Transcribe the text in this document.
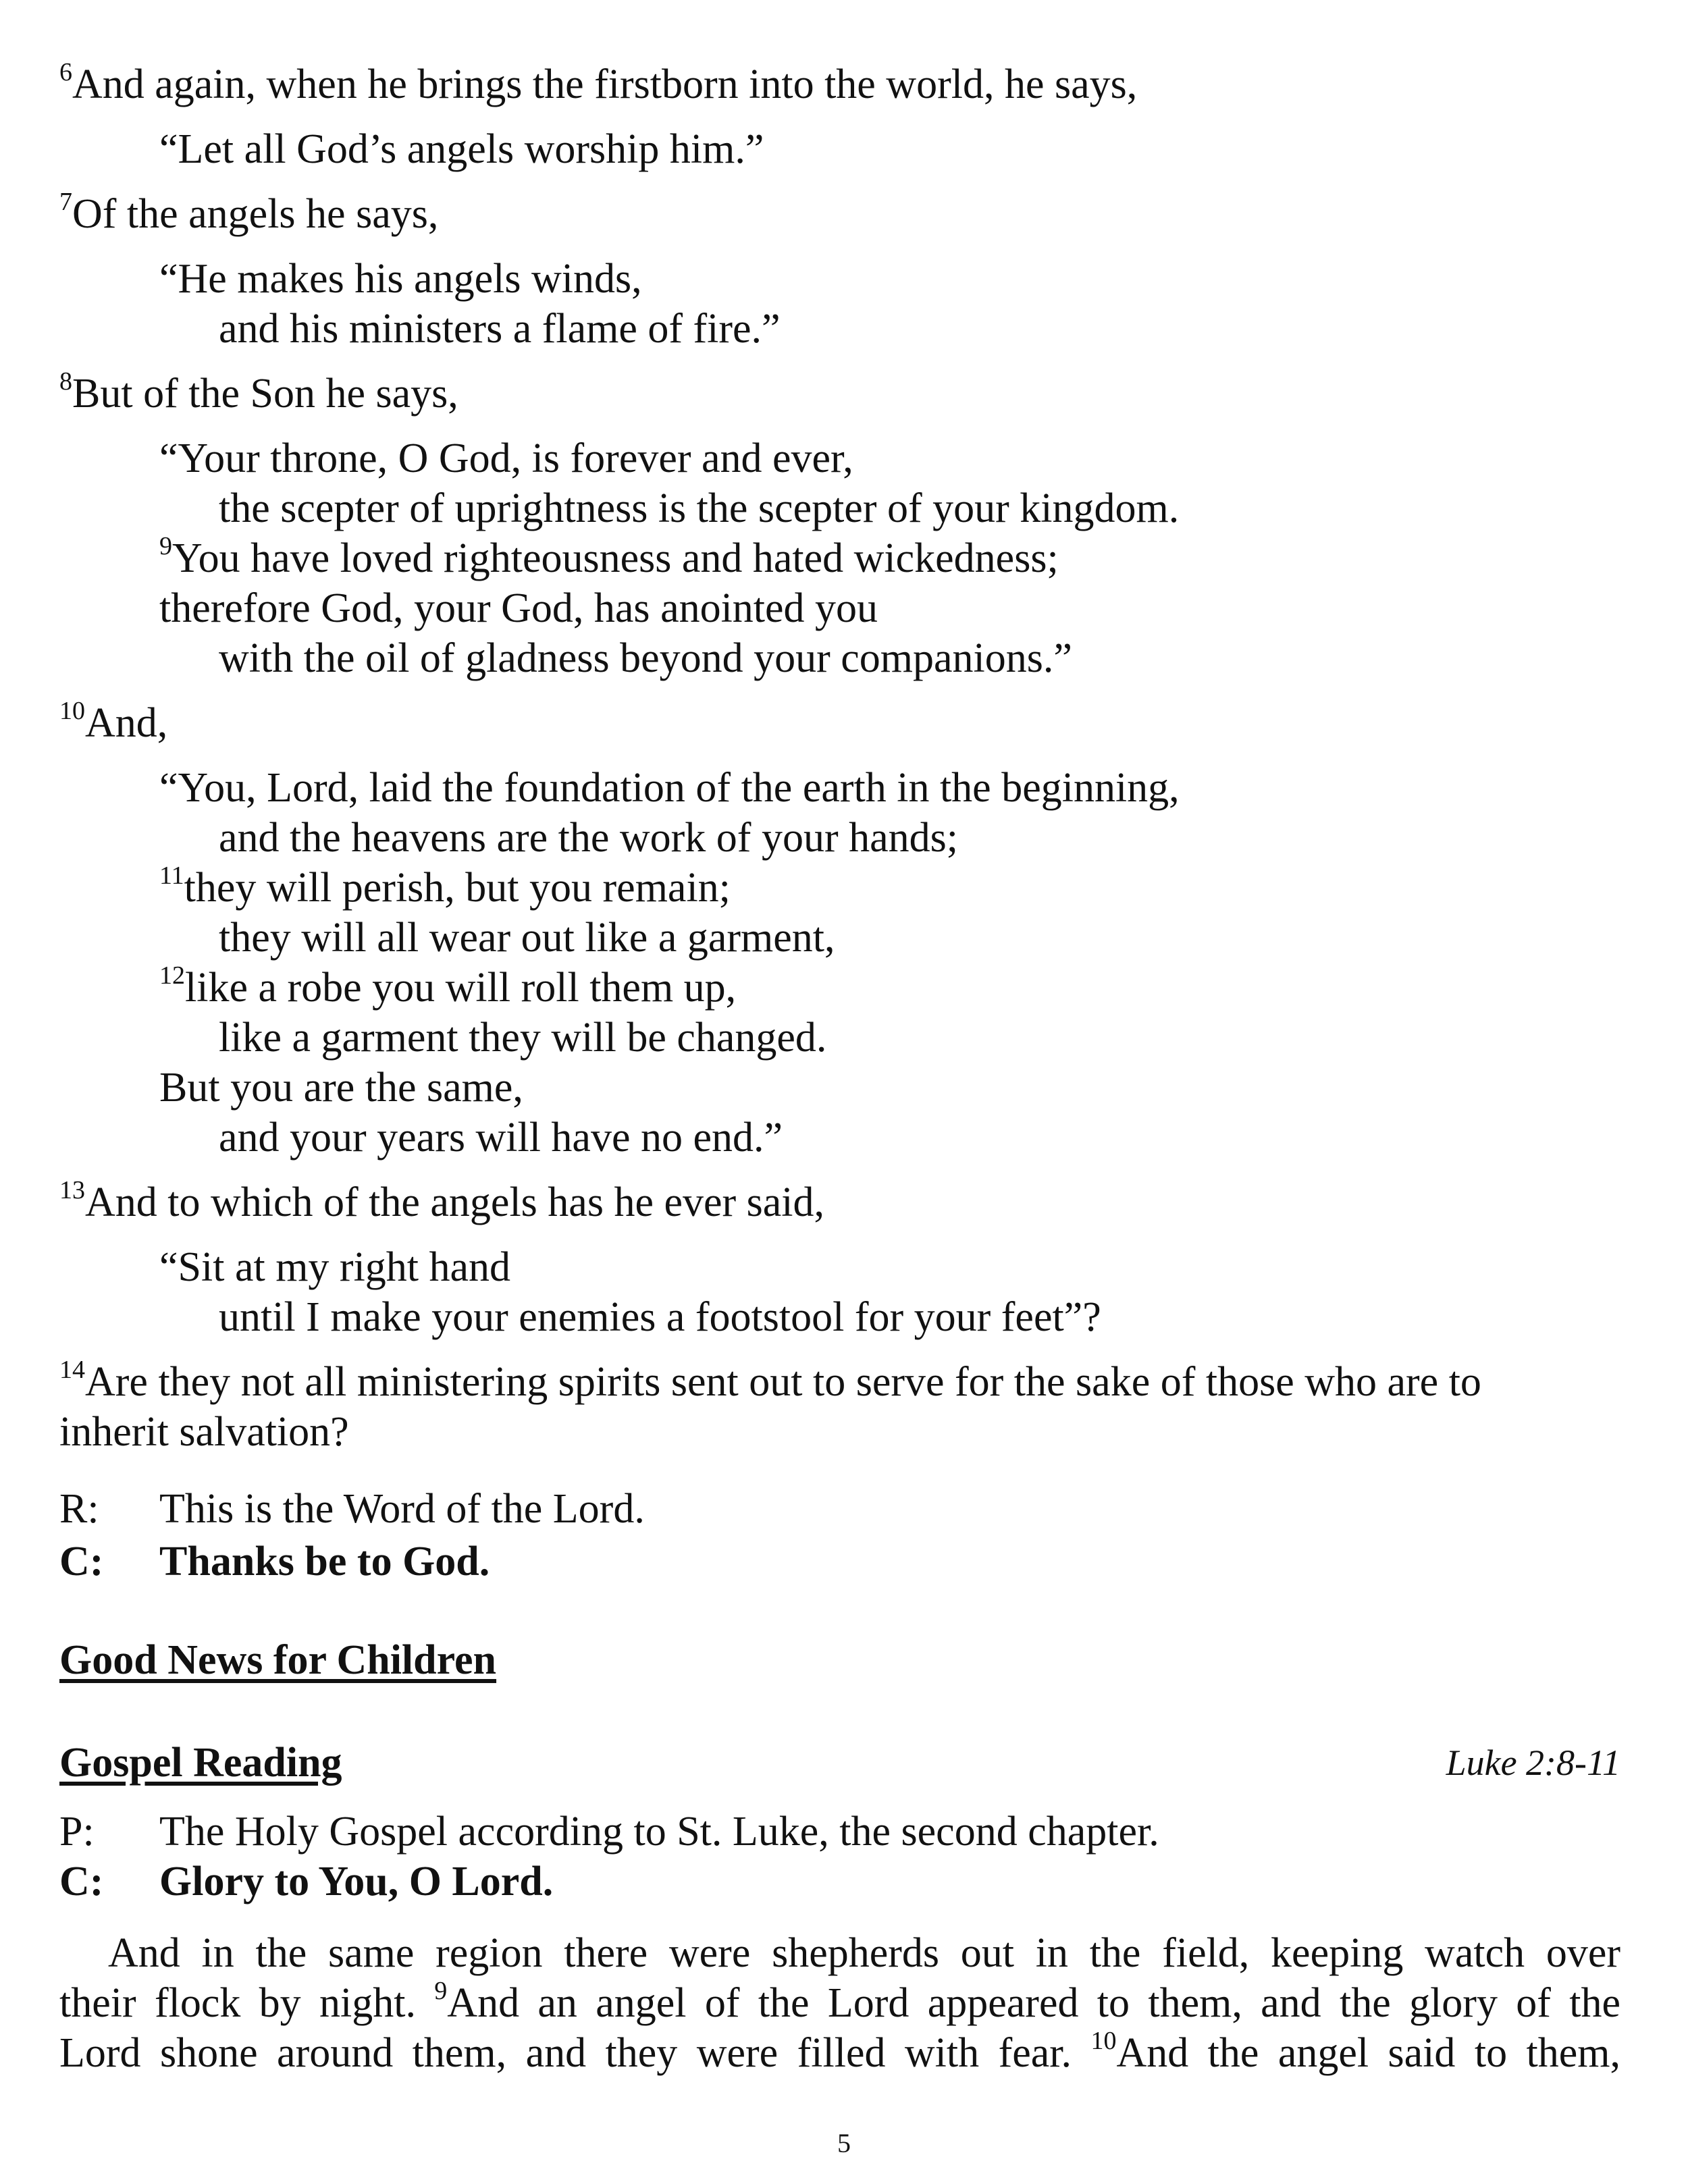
$^6$And again, when he brings the firstborn into the world, he says,
“Let all God’s angels worship him.”
$^7$Of the angels he says,
“He makes his angels winds,
and his ministers a flame of fire.”
$^8$But of the Son he says,
“Your throne, O God, is forever and ever,
the scepter of uprightness is the scepter of your kingdom.
$^9$You have loved righteousness and hated wickedness;
therefore God, your God, has anointed you
with the oil of gladness beyond your companions.”
$^{10}$And,
“You, Lord, laid the foundation of the earth in the beginning,
and the heavens are the work of your hands;
$^{11}$they will perish, but you remain;
they will all wear out like a garment,
$^{12}$like a robe you will roll them up,
like a garment they will be changed.
But you are the same,
and your years will have no end.”
$^{13}$And to which of the angels has he ever said,
“Sit at my right hand
until I make your enemies a footstool for your feet”?
$^{14}$Are they not all ministering spirits sent out to serve for the sake of those who are to
inherit salvation?
R: This is the Word of the Lord.
C: Thanks be to God.
Good News for Children
Gospel Reading	Luke 2:8-11
P: The Holy Gospel according to St. Luke, the second chapter.
C: Glory to You, O Lord.
And in the same region there were shepherds out in the field, keeping watch over
their flock by night. $^9$And an angel of the Lord appeared to them, and the glory of the
Lord shone around them, and they were filled with fear. $^{10}$And the angel said to them,
5
